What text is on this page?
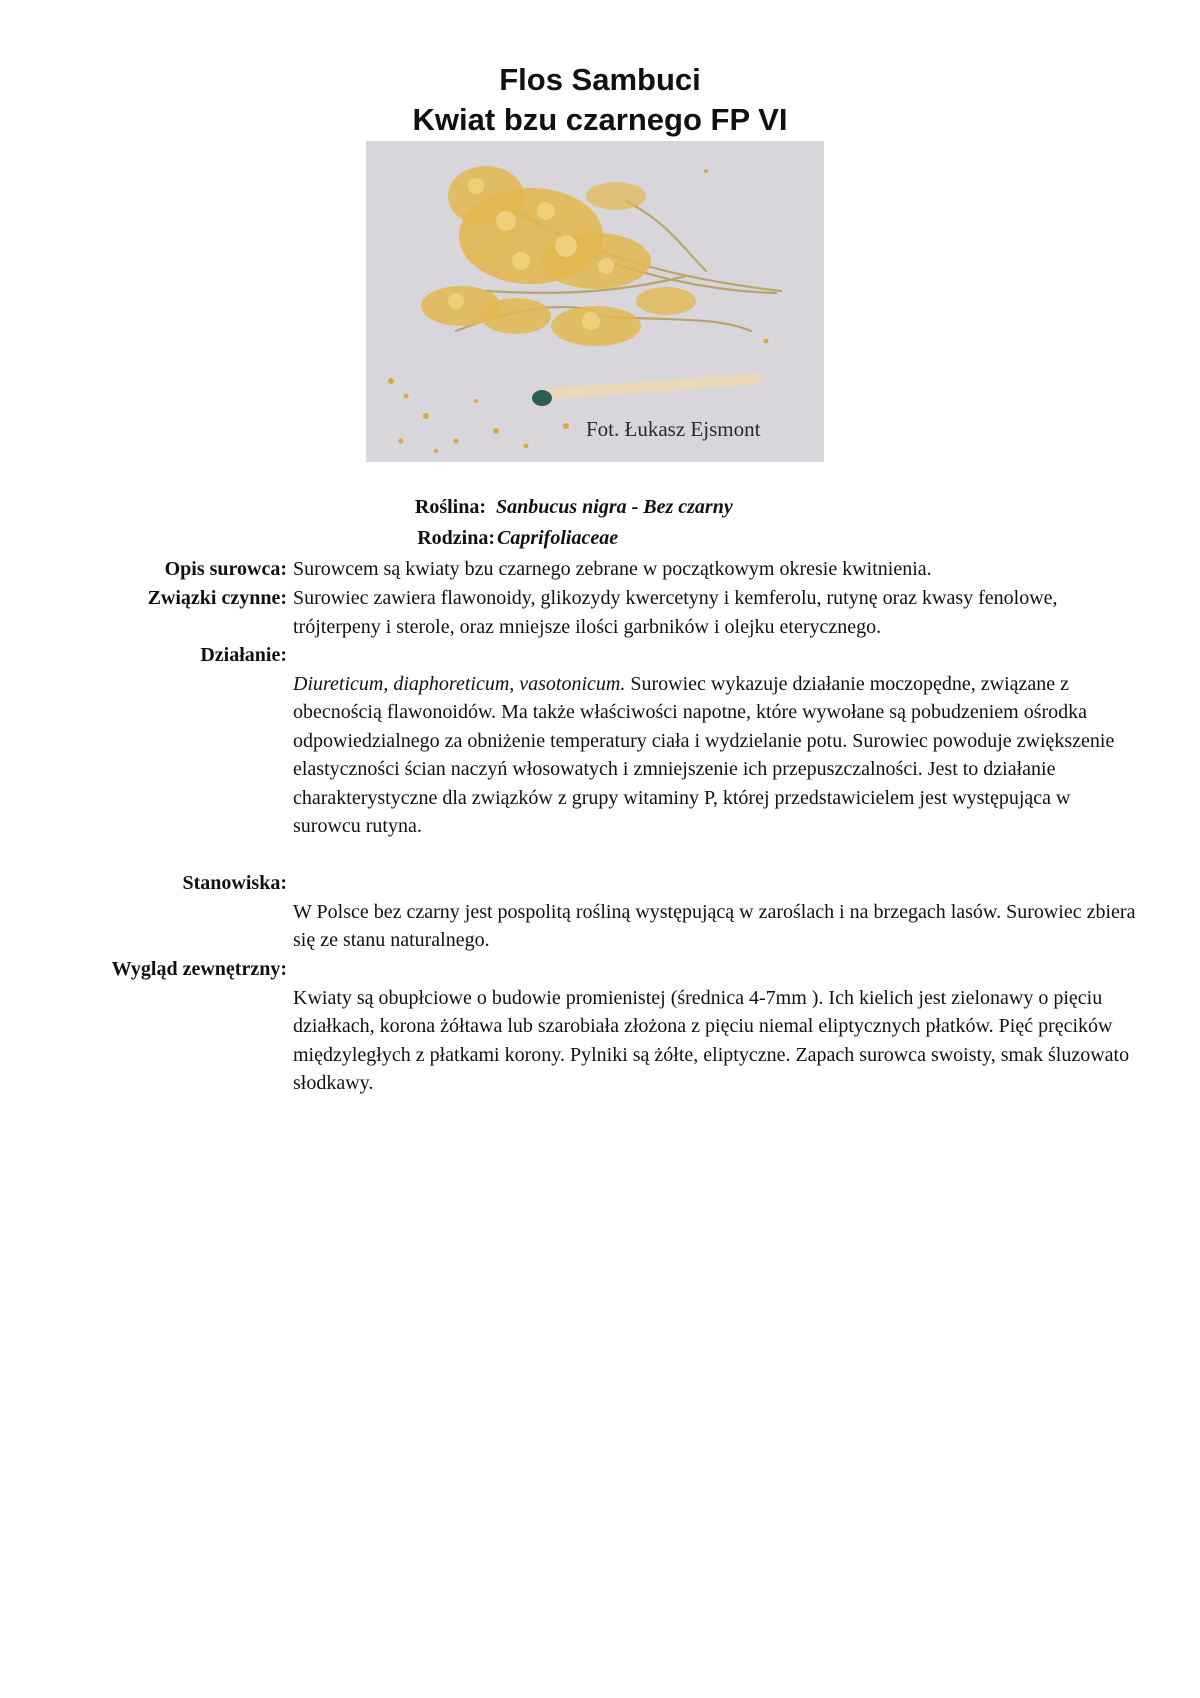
Flos Sambuci
Kwiat bzu czarnego FP VI
Fot. Łukasz Ejsmont
Roślina: Sanbucus nigra - Bez czarny
Rodzina: Caprifoliaceae
Opis surowca: Surowcem są kwiaty bzu czarnego zebrane w początkowym okresie kwitnienia.
Związki czynne: Surowiec zawiera flawonoidy, glikozydy kwercetyny i kemferolu, rutynę oraz kwasy fenolowe, trójterpeny i sterole, oraz mniejsze ilości garbników i olejku eterycznego.
Działanie:
Diureticum, diaphoreticum, vasotonicum. Surowiec wykazuje działanie moczopędne, związane z obecnością flawonoidów. Ma także właściwości napotne, które wywołane są pobudzeniem ośrodka odpowiedzialnego za obniżenie temperatury ciała i wydzielanie potu. Surowiec powoduje zwiększenie elastyczności ścian naczyń włosowatych i zmniejszenie ich przepuszczalności. Jest to działanie charakterystyczne dla związków z grupy witaminy P, której przedstawicielem jest występująca w surowcu rutyna.
Stanowiska:
W Polsce bez czarny jest pospolitą rośliną występującą w zaroślach i na brzegach lasów. Surowiec zbiera się ze stanu naturalnego.
Wygląd zewnętrzny:
Kwiaty są obupłciowe o budowie promienistej (średnica 4-7mm ). Ich kielich jest zielonawy o pięciu działkach, korona żółtawa lub szarobiała złożona z pięciu niemal eliptycznych płatków. Pięć pręcików międzyległych z płatkami korony. Pylniki są żółte, eliptyczne. Zapach surowca swoisty, smak śluzowato słodkawy.
